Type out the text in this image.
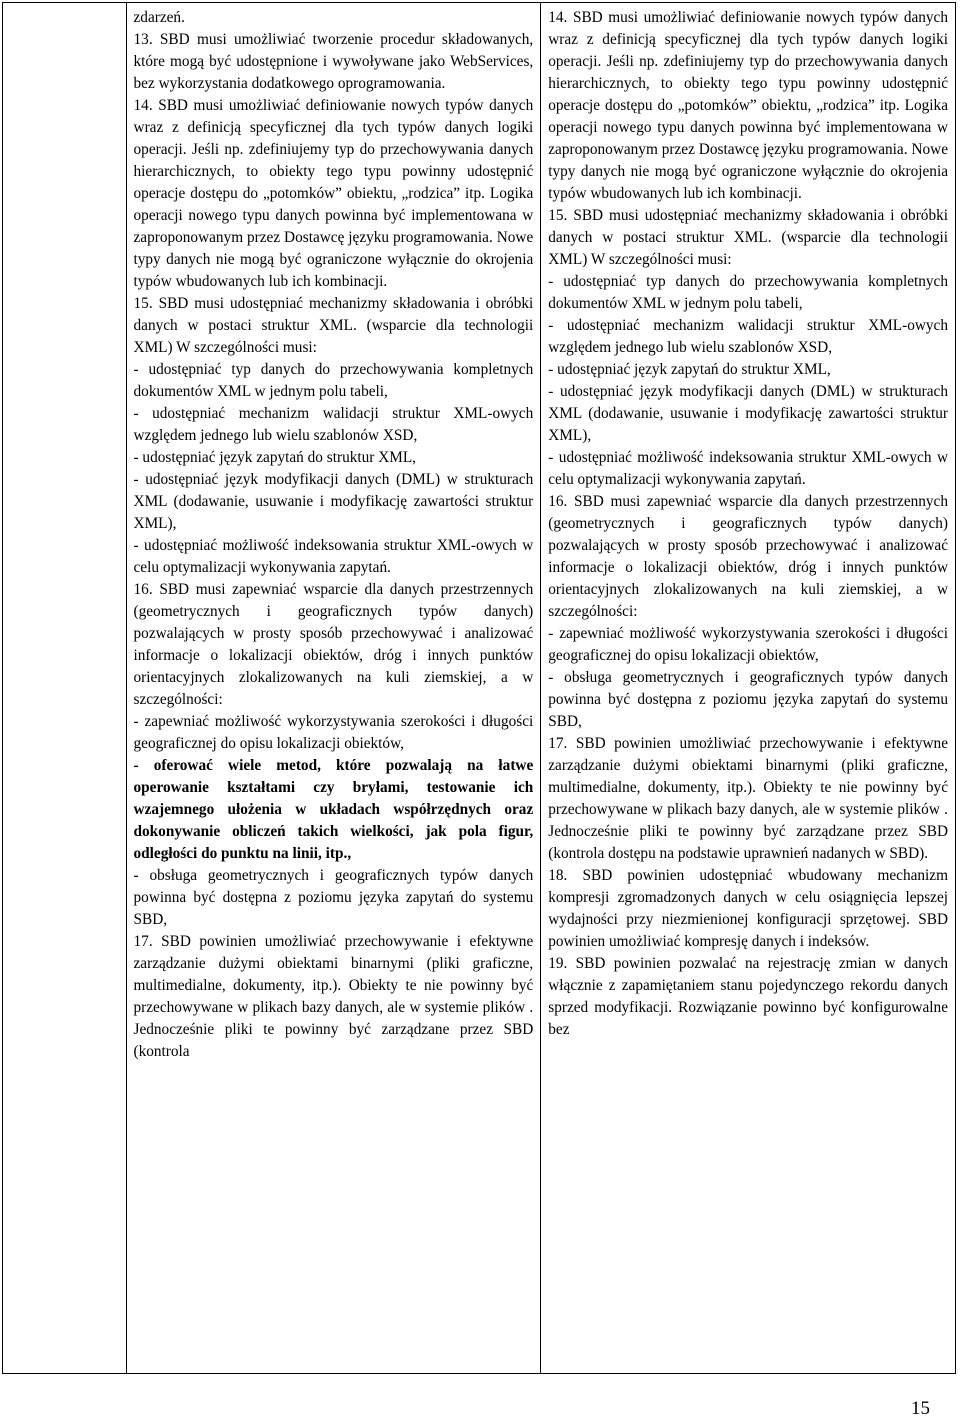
zdarzeń.

13. SBD musi umożliwiać tworzenie procedur składowanych, które mogą być udostępnione i wywoływane jako WebServices, bez wykorzystania dodatkowego oprogramowania.

14. SBD musi umożliwiać definiowanie nowych typów danych wraz z definicją specyficznej dla tych typów danych logiki operacji. Jeśli np. zdefiniujemy typ do przechowywania danych hierarchicznych, to obiekty tego typu powinny udostępnić operacje dostępu do „potomków” obiektu, „rodzica” itp. Logika operacji nowego typu danych powinna być implementowana w zaproponowanym przez Dostawcę języku programowania. Nowe typy danych nie mogą być ograniczone wyłącznie do okrojenia typów wbudowanych lub ich kombinacji.

15. SBD musi udostępniać mechanizmy składowania i obróbki danych w postaci struktur XML. (wsparcie dla technologii XML) W szczególności musi:

- udostępniać typ danych do przechowywania kompletnych dokumentów XML w jednym polu tabeli,

- udostępniać mechanizm walidacji struktur XML-owych względem jednego lub wielu szablonów XSD,

- udostępniać język zapytań do struktur XML,

- udostępniać język modyfikacji danych (DML) w strukturach XML (dodawanie, usuwanie i modyfikację zawartości struktur XML),

- udostępniać możliwość indeksowania struktur XML-owych w celu optymalizacji wykonywania zapytań.

16. SBD musi zapewniać wsparcie dla danych przestrzennych (geometrycznych i geograficznych typów danych) pozwalających w prosty sposób przechowywać i analizować informacje o lokalizacji obiektów, dróg i innych punktów orientacyjnych zlokalizowanych na kuli ziemskiej, a w szczególności:

- zapewniać możliwość wykorzystywania szerokości i długości geograficznej do opisu lokalizacji obiektów,

- oferować wiele metod, które pozwalają na łatwe operowanie kształtami czy bryłami, testowanie ich wzajemnego ułożenia w układach współrzędnych oraz dokonywanie obliczeń takich wielkości, jak pola figur, odległości do punktu na linii, itp.,

- obsługa geometrycznych i geograficznych typów danych powinna być dostępna z poziomu języka zapytań do systemu SBD,

17. SBD powinien umożliwiać przechowywanie i efektywne zarządzanie dużymi obiektami binarnymi (pliki graficzne, multimedialne, dokumenty, itp.). Obiekty te nie powinny być przechowywane w plikach bazy danych, ale w systemie plików . Jednocześnie pliki te powinny być zarządzane przez SBD (kontrola

14. SBD musi umożliwiać definiowanie nowych typów danych wraz z definicją specyficznej dla tych typów danych logiki operacji. Jeśli np. zdefiniujemy typ do przechowywania danych hierarchicznych, to obiekty tego typu powinny udostępnić operacje dostępu do „potomków” obiektu, „rodzica” itp. Logika operacji nowego typu danych powinna być implementowana w zaproponowanym przez Dostawcę języku programowania. Nowe typy danych nie mogą być ograniczone wyłącznie do okrojenia typów wbudowanych lub ich kombinacji.

15. SBD musi udostępniać mechanizmy składowania i obróbki danych w postaci struktur XML. (wsparcie dla technologii XML) W szczególności musi:

- udostępniać typ danych do przechowywania kompletnych dokumentów XML w jednym polu tabeli,

- udostępniać mechanizm walidacji struktur XML-owych względem jednego lub wielu szablonów XSD,

- udostępniać język zapytań do struktur XML,

- udostępniać język modyfikacji danych (DML) w strukturach XML (dodawanie, usuwanie i modyfikację zawartości struktur XML),

- udostępniać możliwość indeksowania struktur XML-owych w celu optymalizacji wykonywania zapytań.

16. SBD musi zapewniać wsparcie dla danych przestrzennych (geometrycznych i geograficznych typów danych) pozwalających w prosty sposób przechowywać i analizować informacje o lokalizacji obiektów, dróg i innych punktów orientacyjnych zlokalizowanych na kuli ziemskiej, a w szczególności:

- zapewniać możliwość wykorzystywania szerokości i długości geograficznej do opisu lokalizacji obiektów,

- obsługa geometrycznych i geograficznych typów danych powinna być dostępna z poziomu języka zapytań do systemu SBD,

17. SBD powinien umożliwiać przechowywanie i efektywne zarządzanie dużymi obiektami binarnymi (pliki graficzne, multimedialne, dokumenty, itp.). Obiekty te nie powinny być przechowywane w plikach bazy danych, ale w systemie plików . Jednocześnie pliki te powinny być zarządzane przez SBD (kontrola dostępu na podstawie uprawnień nadanych w SBD).

18. SBD powinien udostępniać wbudowany mechanizm kompresji zgromadzonych danych w celu osiągnięcia lepszej wydajności przy niezmienionej konfiguracji sprzętowej. SBD powinien umożliwiać kompresję danych i indeksów.

19. SBD powinien pozwalać na rejestrację zmian w danych włącznie z zapamiętaniem stanu pojedynczego rekordu danych sprzed modyfikacji. Rozwiązanie powinno być konfigurowalne bez

15
